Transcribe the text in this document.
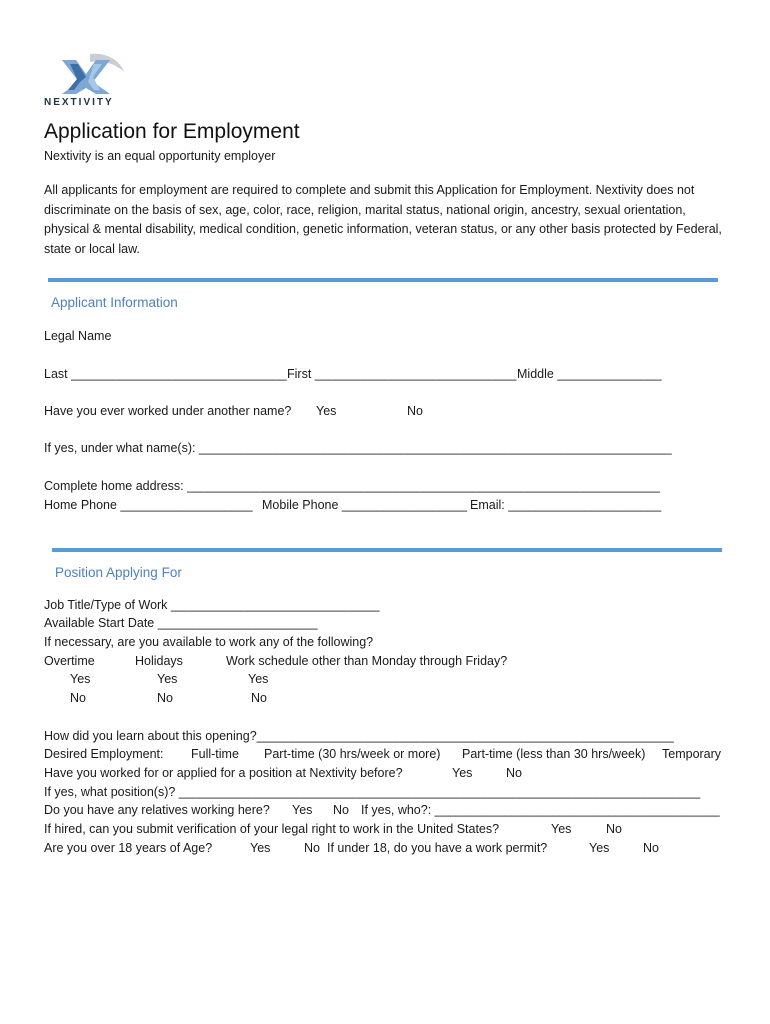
NEXTIVITY
Application for Employment
Nextivity is an equal opportunity employer
All applicants for employment are required to complete and submit this Application for Employment. Nextivity does not discriminate on the basis of sex, age, color, race, religion, marital status, national origin, ancestry, sexual orientation, physical & mental disability, medical condition, genetic information, veteran status, or any other basis protected by Federal, state or local law.
Applicant Information
Legal Name
Last _______________________________ First _____________________________ Middle _______________
Have you ever worked under another name? Yes	No
If yes, under what name(s): ____________________________________________________________________
Complete home address: ____________________________________________________________________
Home Phone ___________________ Mobile Phone __________________ Email: ______________________
Position Applying For
Job Title/Type of Work ______________________________
Available Start Date _______________________
If necessary, are you available to work any of the following?
Overtime	Holidays	Work schedule other than Monday through Friday?
Yes	Yes	Yes
No	No	No
How did you learn about this opening?____________________________________________________________
Desired Employment: Full-time Part-time (30 hrs/week or more) Part-time (less than 30 hrs/week) Temporary
Have you worked for or applied for a position at Nextivity before?	Yes	No
If yes, what position(s)? ___________________________________________________________________________
Do you have any relatives working here? Yes No If yes, who?: _________________________________________
If hired, can you submit verification of your legal right to work in the United States?	Yes	No
Are you over 18 years of Age?	Yes	No If under 18, do you have a work permit?	Yes	No
